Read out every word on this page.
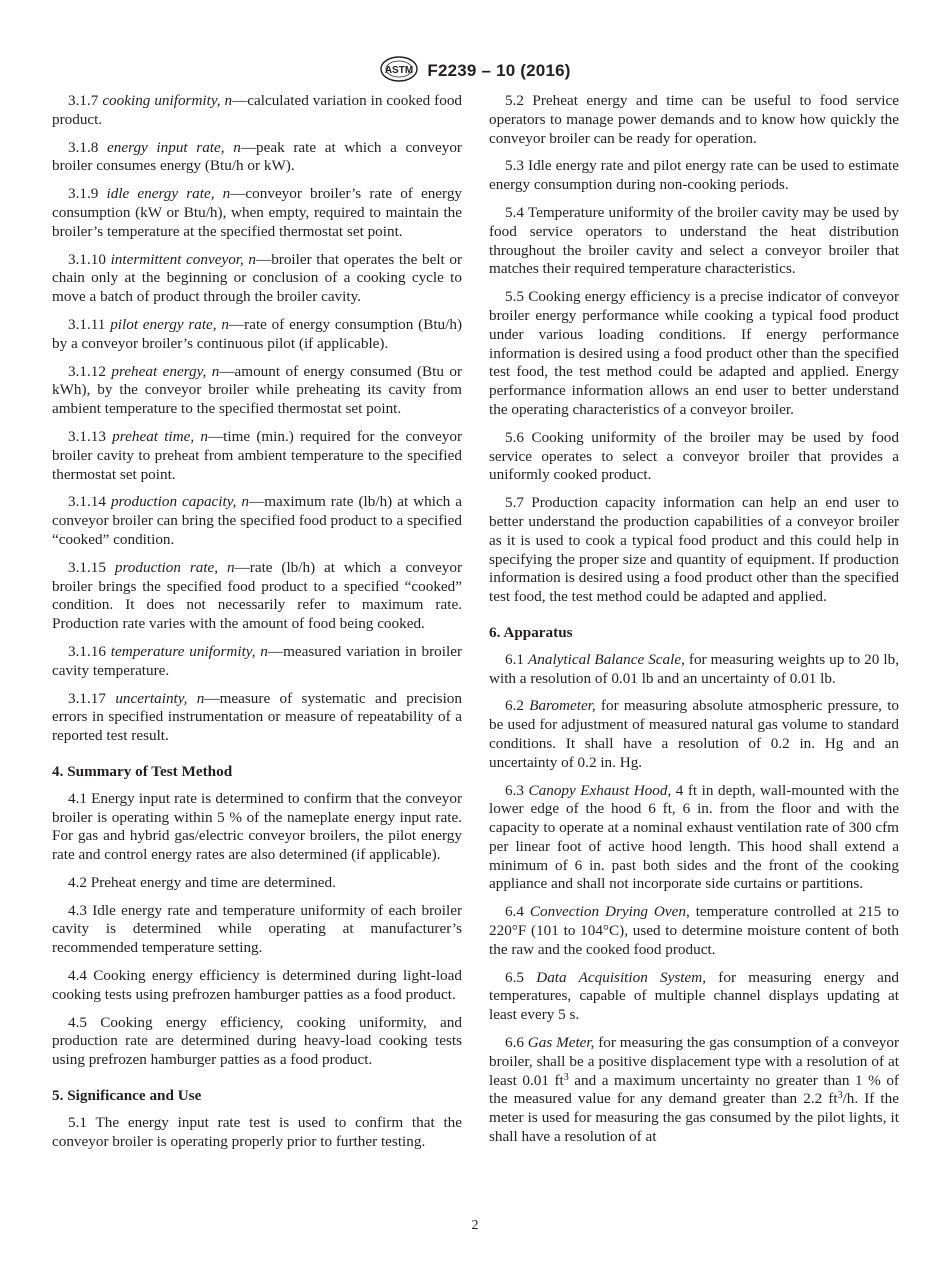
ASTM F2239 – 10 (2016)

3.1.7 cooking uniformity, n—calculated variation in cooked food product.

3.1.8 energy input rate, n—peak rate at which a conveyor broiler consumes energy (Btu/h or kW).

3.1.9 idle energy rate, n—conveyor broiler’s rate of energy consumption (kW or Btu/h), when empty, required to maintain the broiler’s temperature at the specified thermostat set point.

3.1.10 intermittent conveyor, n—broiler that operates the belt or chain only at the beginning or conclusion of a cooking cycle to move a batch of product through the broiler cavity.

3.1.11 pilot energy rate, n—rate of energy consumption (Btu/h) by a conveyor broiler’s continuous pilot (if applicable).

3.1.12 preheat energy, n—amount of energy consumed (Btu or kWh), by the conveyor broiler while preheating its cavity from ambient temperature to the specified thermostat set point.

3.1.13 preheat time, n—time (min.) required for the conveyor broiler cavity to preheat from ambient temperature to the specified thermostat set point.

3.1.14 production capacity, n—maximum rate (lb/h) at which a conveyor broiler can bring the specified food product to a specified “cooked” condition.

3.1.15 production rate, n—rate (lb/h) at which a conveyor broiler brings the specified food product to a specified “cooked” condition. It does not necessarily refer to maximum rate. Production rate varies with the amount of food being cooked.

3.1.16 temperature uniformity, n—measured variation in broiler cavity temperature.

3.1.17 uncertainty, n—measure of systematic and precision errors in specified instrumentation or measure of repeatability of a reported test result.

4. Summary of Test Method

4.1 Energy input rate is determined to confirm that the conveyor broiler is operating within 5 % of the nameplate energy input rate. For gas and hybrid gas/electric conveyor broilers, the pilot energy rate and control energy rates are also determined (if applicable).

4.2 Preheat energy and time are determined.

4.3 Idle energy rate and temperature uniformity of each broiler cavity is determined while operating at manufacturer’s recommended temperature setting.

4.4 Cooking energy efficiency is determined during light-load cooking tests using prefrozen hamburger patties as a food product.

4.5 Cooking energy efficiency, cooking uniformity, and production rate are determined during heavy-load cooking tests using prefrozen hamburger patties as a food product.

5. Significance and Use

5.1 The energy input rate test is used to confirm that the conveyor broiler is operating properly prior to further testing.

5.2 Preheat energy and time can be useful to food service operators to manage power demands and to know how quickly the conveyor broiler can be ready for operation.

5.3 Idle energy rate and pilot energy rate can be used to estimate energy consumption during non-cooking periods.

5.4 Temperature uniformity of the broiler cavity may be used by food service operators to understand the heat distribution throughout the broiler cavity and select a conveyor broiler that matches their required temperature characteristics.

5.5 Cooking energy efficiency is a precise indicator of conveyor broiler energy performance while cooking a typical food product under various loading conditions. If energy performance information is desired using a food product other than the specified test food, the test method could be adapted and applied. Energy performance information allows an end user to better understand the operating characteristics of a conveyor broiler.

5.6 Cooking uniformity of the broiler may be used by food service operates to select a conveyor broiler that provides a uniformly cooked product.

5.7 Production capacity information can help an end user to better understand the production capabilities of a conveyor broiler as it is used to cook a typical food product and this could help in specifying the proper size and quantity of equipment. If production information is desired using a food product other than the specified test food, the test method could be adapted and applied.

6. Apparatus

6.1 Analytical Balance Scale, for measuring weights up to 20 lb, with a resolution of 0.01 lb and an uncertainty of 0.01 lb.

6.2 Barometer, for measuring absolute atmospheric pressure, to be used for adjustment of measured natural gas volume to standard conditions. It shall have a resolution of 0.2 in. Hg and an uncertainty of 0.2 in. Hg.

6.3 Canopy Exhaust Hood, 4 ft in depth, wall-mounted with the lower edge of the hood 6 ft, 6 in. from the floor and with the capacity to operate at a nominal exhaust ventilation rate of 300 cfm per linear foot of active hood length. This hood shall extend a minimum of 6 in. past both sides and the front of the cooking appliance and shall not incorporate side curtains or partitions.

6.4 Convection Drying Oven, temperature controlled at 215 to 220°F (101 to 104°C), used to determine moisture content of both the raw and the cooked food product.

6.5 Data Acquisition System, for measuring energy and temperatures, capable of multiple channel displays updating at least every 5 s.

6.6 Gas Meter, for measuring the gas consumption of a conveyor broiler, shall be a positive displacement type with a resolution of at least 0.01 $ft^3$ and a maximum uncertainty no greater than 1 % of the measured value for any demand greater than 2.2 $ft^3/h$. If the meter is used for measuring the gas consumed by the pilot lights, it shall have a resolution of at

2
